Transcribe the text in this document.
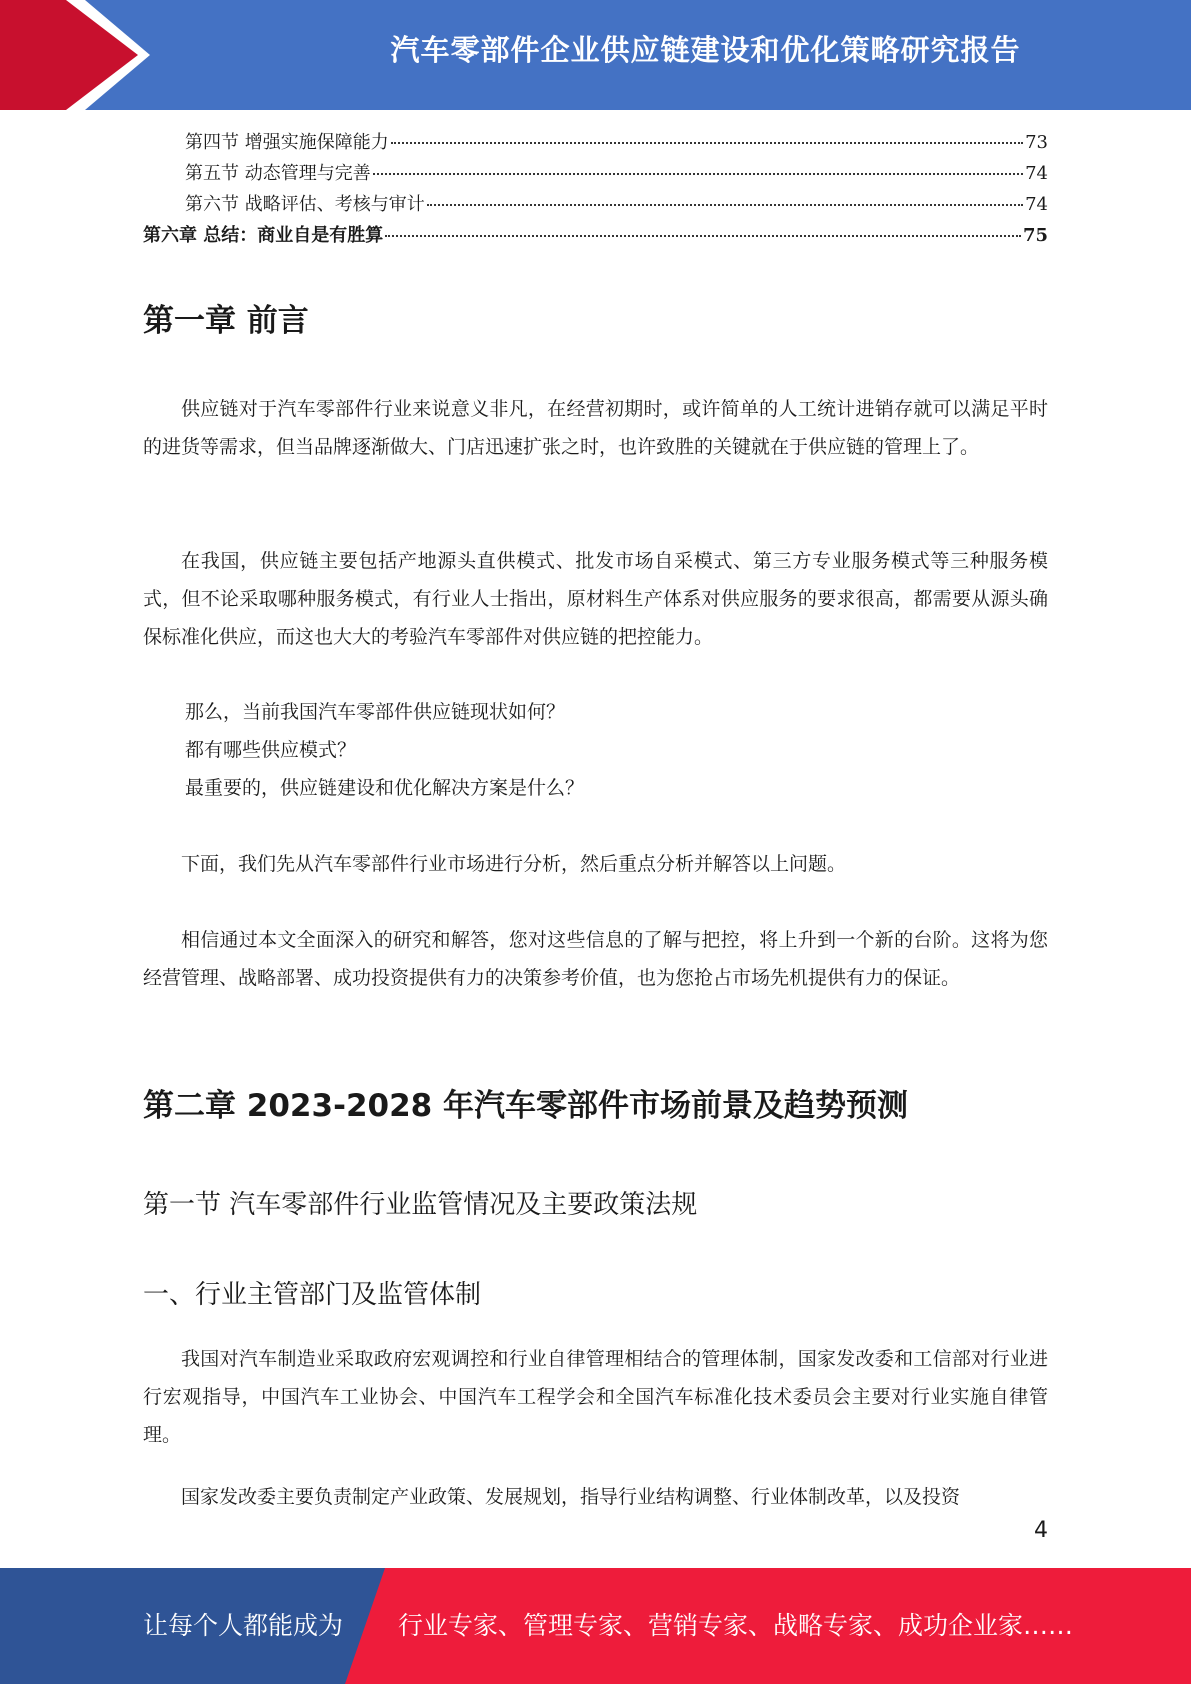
汽车零部件企业供应链建设和优化策略研究报告
第四节 增强实施保障能力	73
第五节 动态管理与完善	74
第六节 战略评估、考核与审计	74
第六章 总结：商业自是有胜算	75
第一章 前言

供应链对于汽车零部件行业来说意义非凡，在经营初期时，或许简单的人工统计进销存就可以满足平时的进货等需求，但当品牌逐渐做大、门店迅速扩张之时，也许致胜的关键就在于供应链的管理上了。

在我国，供应链主要包括产地源头直供模式、批发市场自采模式、第三方专业服务模式等三种服务模式，但不论采取哪种服务模式，有行业人士指出，原材料生产体系对供应服务的要求很高，都需要从源头确保标准化供应，而这也大大的考验汽车零部件对供应链的把控能力。

那么，当前我国汽车零部件供应链现状如何？
都有哪些供应模式？
最重要的，供应链建设和优化解决方案是什么？

下面，我们先从汽车零部件行业市场进行分析，然后重点分析并解答以上问题。

相信通过本文全面深入的研究和解答，您对这些信息的了解与把控，将上升到一个新的台阶。这将为您经营管理、战略部署、成功投资提供有力的决策参考价值，也为您抢占市场先机提供有力的保证。

第二章 2023-2028 年汽车零部件市场前景及趋势预测
第一节 汽车零部件行业监管情况及主要政策法规
一、行业主管部门及监管体制

我国对汽车制造业采取政府宏观调控和行业自律管理相结合的管理体制，国家发改委和工信部对行业进行宏观指导，中国汽车工业协会、中国汽车工程学会和全国汽车标准化技术委员会主要对行业实施自律管理。

国家发改委主要负责制定产业政策、发展规划，指导行业结构调整、行业体制改革，以及投资

4
让每个人都能成为 行业专家、管理专家、营销专家、战略专家、成功企业家……
